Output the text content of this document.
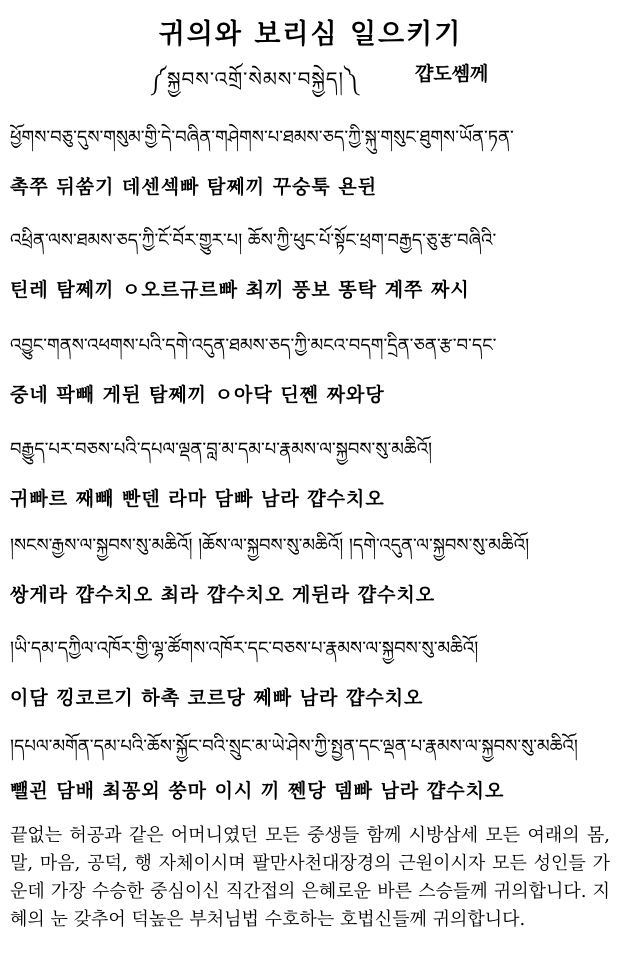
귀의와 보리심 일으키기
༼སྐྱབས་འགྲོ་སེམས་བསྐྱེད།༽	꺕도쎔께
ཕྱོགས་བཅུ་དུས་གསུམ་གྱི་དེ་བཞིན་གཤེགས་པ་ཐམས་ཅད་ཀྱི་སྐུ་གསུང་ཐུགས་ཡོན་ཏན་
촉쭈 뒤쑴기 데센섹빠 탐쩨끼 꾸숭툭 욘뒨
འཕྲིན་ལས་ཐམས་ཅད་ཀྱི་ངོ་བོར་གྱུར་པ། ཆོས་ཀྱི་ཕུང་པོ་སྟོང་ཕྲག་བརྒྱད་ཅུ་རྩ་བཞིའི་
틴레 탐쩨끼 ㅇ오르규르빠 최끼 풍보 똥탁 계쭈 짜시
འབྱུང་གནས་འཕགས་པའི་དགེ་འདུན་ཐམས་ཅད་ཀྱི་མངའ་བདག་དྲིན་ཅན་རྩ་བ་དང་
중네 팍빼 게뒨 탐쩨끼 ㅇ아닥 딘쩬 짜와당
བརྒྱུད་པར་བཅས་པའི་དཔལ་ལྡན་བླ་མ་དམ་པ་རྣམས་ལ་སྐྱབས་སུ་མཆིའོ།
귀빠르 째빼 빤덴 라마 담빠 남라 꺕수치오
།སངས་རྒྱས་ལ་སྐྱབས་སུ་མཆིའོ། །ཆོས་ལ་སྐྱབས་སུ་མཆིའོ། །དགེ་འདུན་ལ་སྐྱབས་སུ་མཆིའོ།
쌍게라 꺕수치오 최라 꺕수치오 게뒨라 꺕수치오
།ཡི་དམ་དཀྱིལ་འཁོར་གྱི་ལྷ་ཚོགས་འཁོར་དང་བཅས་པ་རྣམས་ལ་སྐྱབས་སུ་མཆིའོ།
이담 낑코르기 하촉 코르당 쩨빠 남라 꺕수치오
།དཔལ་མགོན་དམ་པའི་ཆོས་སྐྱོང་བའི་སྲུང་མ་ཡེ་ཤེས་ཀྱི་སྤྱན་དང་ལྡན་པ་རྣམས་ལ་སྐྱབས་སུ་མཆིའོ།
뺄괸 담배 최꽁외 쑹마 이시 끼 쩬당 뎀빠 남라 꺕수치오
끝없는 허공과 같은 어머니였던 모든 중생들 함께 시방삼세 모든 여래의 몸, 말, 마음, 공덕, 행 자체이시며 팔만사천대장경의 근원이시자 모든 성인들 가운데 가장 수승한 중심이신 직간접의 은혜로운 바른 스승들께 귀의합니다. 지혜의 눈 갖추어 덕높은 부처님법 수호하는 호법신들께 귀의합니다.
